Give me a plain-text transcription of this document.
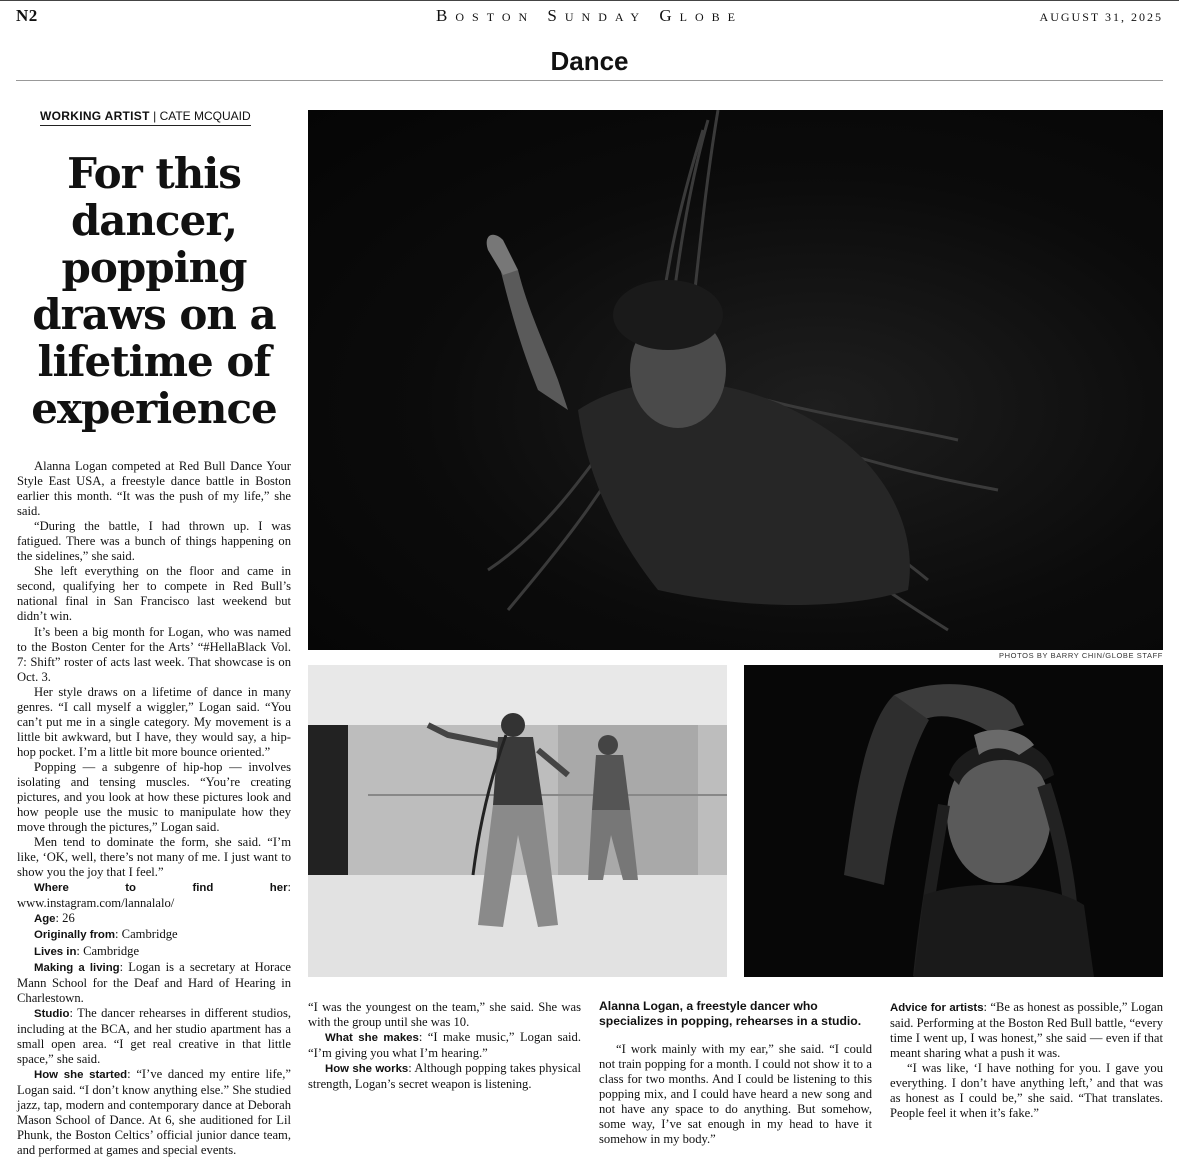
N2	Boston Sunday Globe	AUGUST 31, 2025
Dance
WORKING ARTIST | CATE MCQUAID
For this dancer, popping draws on a lifetime of experience

Alanna Logan competed at Red Bull Dance Your Style East USA, a freestyle dance battle in Boston earlier this month. “It was the push of my life,” she said.

“During the battle, I had thrown up. I was fatigued. There was a bunch of things happening on the sidelines,” she said.

She left everything on the floor and came in second, qualifying her to compete in Red Bull’s national final in San Francisco last weekend but didn’t win.

It’s been a big month for Logan, who was named to the Boston Center for the Arts’ “#HellaBlack Vol. 7: Shift” roster of acts last week. That showcase is on Oct. 3.

Her style draws on a lifetime of dance in many genres. “I call myself a wiggler,” Logan said. “You can’t put me in a single category. My movement is a little bit awkward, but I have, they would say, a hip-hop pocket. I’m a little bit more bounce oriented.”

Popping — a subgenre of hip-hop — involves isolating and tensing muscles. “You’re creating pictures, and you look at how these pictures look and how people use the music to manipulate how they move through the pictures,” Logan said.

Men tend to dominate the form, she said. “I’m like, ‘OK, well, there’s not many of me. I just want to show you the joy that I feel.”

Where to find her: www.instagram.com/lannalalo/

Age: 26

Originally from: Cambridge

Lives in: Cambridge

Making a living: Logan is a secretary at Horace Mann School for the Deaf and Hard of Hearing in Charlestown.

Studio: The dancer rehearses in different studios, including at the BCA, and her studio apartment has a small open area. “I get real creative in that little space,” she said.

How she started: “I’ve danced my entire life,” Logan said. “I don’t know anything else.” She studied jazz, tap, modern and contemporary dance at Deborah Mason School of Dance. At 6, she auditioned for Lil Phunk, the Boston Celtics’ official junior dance team, and performed at games and special events.

“I was the youngest on the team,” she said. She was with the group until she was 10.

What she makes: “I make music,” Logan said. “I’m giving you what I’m hearing.”

How she works: Although popping takes physical strength, Logan’s secret weapon is listening.

Alanna Logan, a freestyle dancer who specializes in popping, rehearses in a studio.

“I work mainly with my ear,” she said. “I could not train popping for a month. I could not show it to a class for two months. And I could be listening to this popping mix, and I could have heard a new song and not have any space to do anything. But somehow, some way, I’ve sat enough in my head to have it somehow in my body.”

Advice for artists: “Be as honest as possible,” Logan said. Performing at the Boston Red Bull battle, “every time I went up, I was honest,” she said — even if that meant sharing what a push it was.

“I was like, ‘I have nothing for you. I gave you everything. I don’t have anything left,’ and that was as honest as I could be,” she said. “That translates. People feel it when it’s fake.”

PHOTOS BY BARRY CHIN/GLOBE STAFF
